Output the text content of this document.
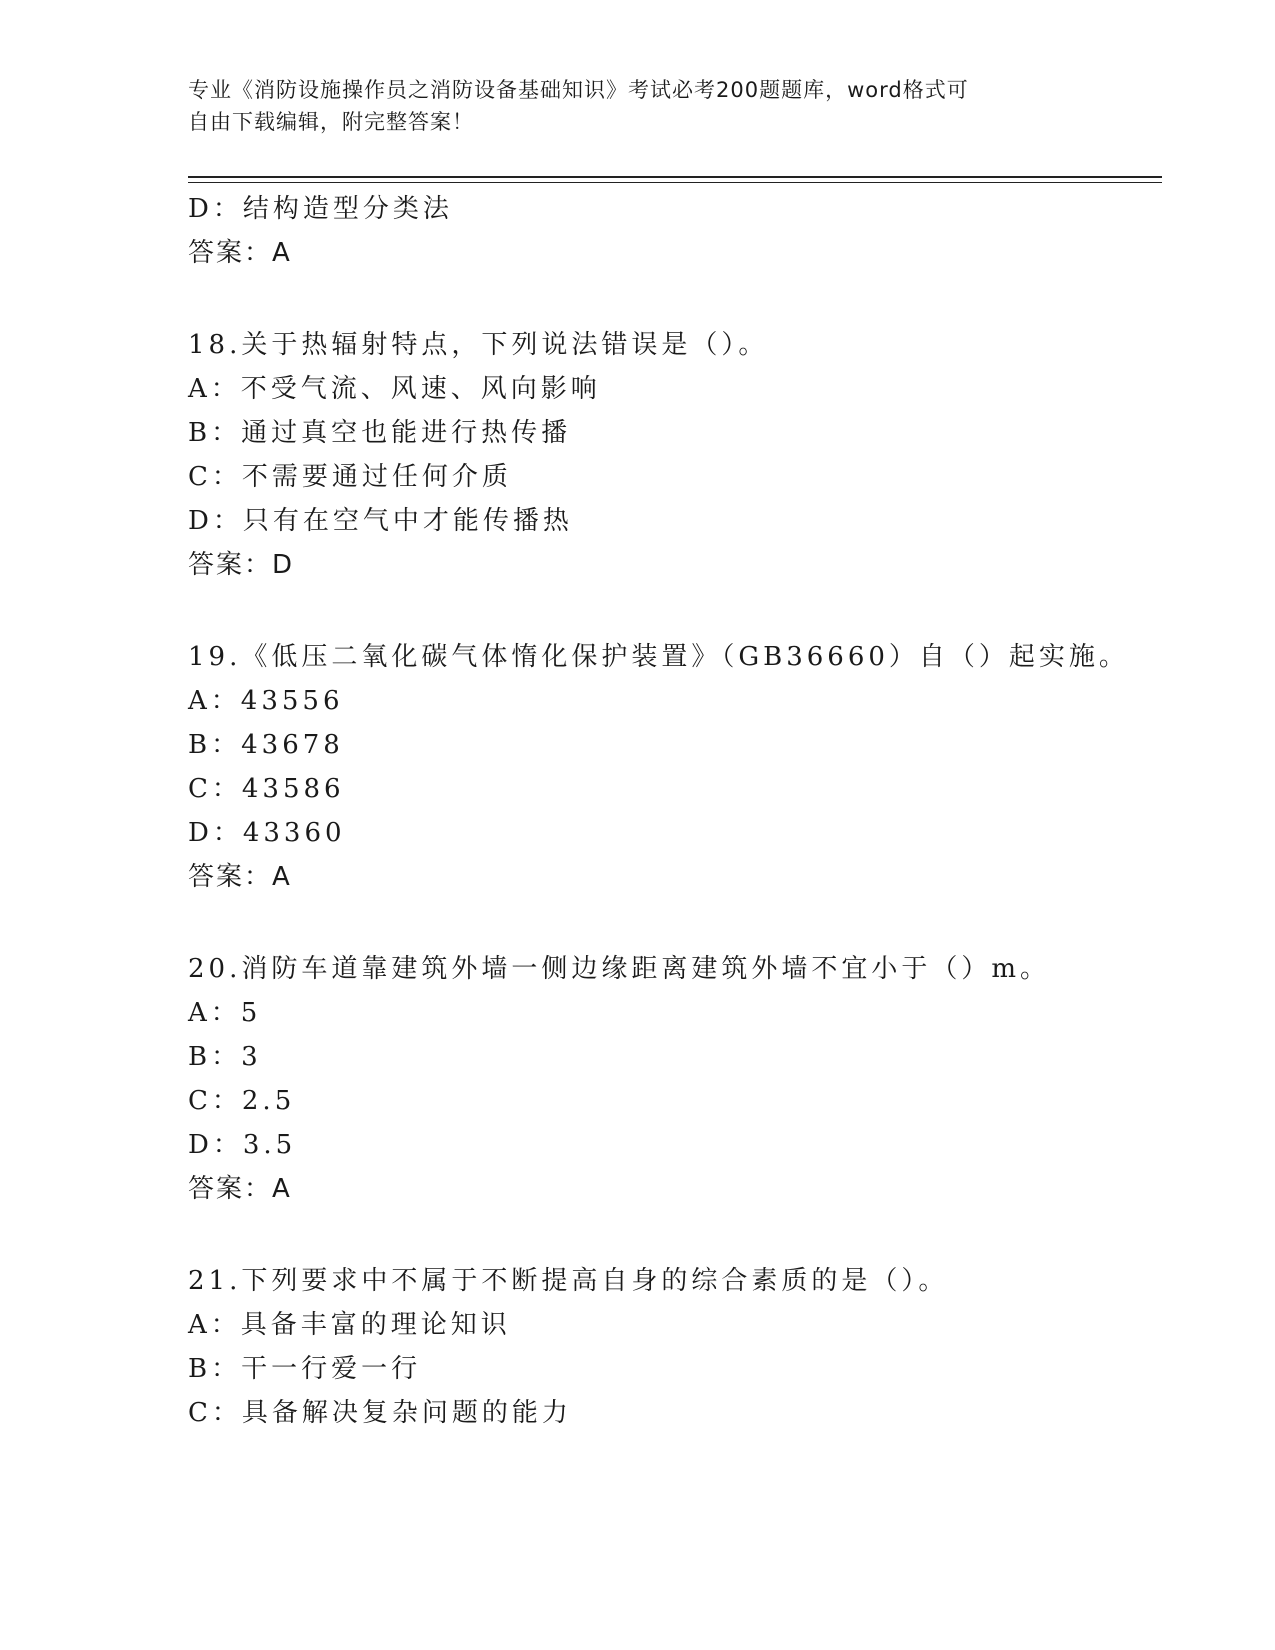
专业《消防设施操作员之消防设备基础知识》考试必考200题题库，word格式可
自由下载编辑，附完整答案！
D：结构造型分类法
答案：A
18.关于热辐射特点，下列说法错误是（）。
A：不受气流、风速、风向影响
B：通过真空也能进行热传播
C：不需要通过任何介质
D：只有在空气中才能传播热
答案：D
19.《低压二氧化碳气体惰化保护装置》（GB36660）自（）起实施。
A：43556
B：43678
C：43586
D：43360
答案：A
20.消防车道靠建筑外墙一侧边缘距离建筑外墙不宜小于（）m。
A：5
B：3
C：2.5
D：3.5
答案：A
21.下列要求中不属于不断提高自身的综合素质的是（）。
A：具备丰富的理论知识
B：干一行爱一行
C：具备解决复杂问题的能力
